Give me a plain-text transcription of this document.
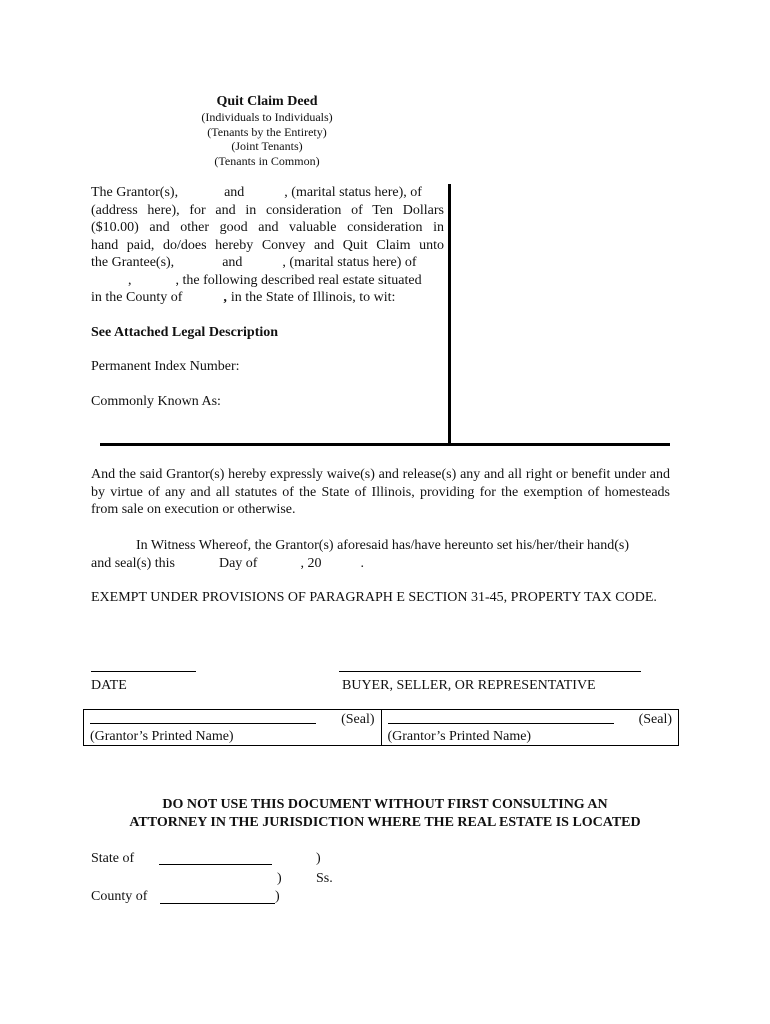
Quit Claim Deed
(Individuals to Individuals)
(Tenants by the Entirety)
(Joint Tenants)
(Tenants in Common)
The Grantor(s),	and	, (marital status here), of
(address here), for and in consideration of Ten Dollars
($10.00) and other good and valuable consideration in
hand paid, do/does hereby Convey and Quit Claim unto
the Grantee(s),	and	, (marital status here) of
,	, the following described real estate situated
in the County of	, in the State of Illinois, to wit:
See Attached Legal Description
Permanent Index Number:
Commonly Known As:
And the said Grantor(s) hereby expressly waive(s) and release(s) any and all right or benefit under and by virtue of any and all statutes of the State of Illinois, providing for the exemption of homesteads from sale on execution or otherwise.
In Witness Whereof, the Grantor(s) aforesaid has/have hereunto set his/her/their hand(s)
and seal(s) this	Day of	, 20	.
EXEMPT UNDER PROVISIONS OF PARAGRAPH E SECTION 31-45, PROPERTY TAX CODE.
DATE	BUYER, SELLER, OR REPRESENTATIVE
(Seal)
(Grantor’s Printed Name)

(Seal)
(Grantor’s Printed Name)
DO NOT USE THIS DOCUMENT WITHOUT FIRST CONSULTING AN
ATTORNEY IN THE JURISDICTION WHERE THE REAL ESTATE IS LOCATED
State of	)
) Ss.
County of	)
